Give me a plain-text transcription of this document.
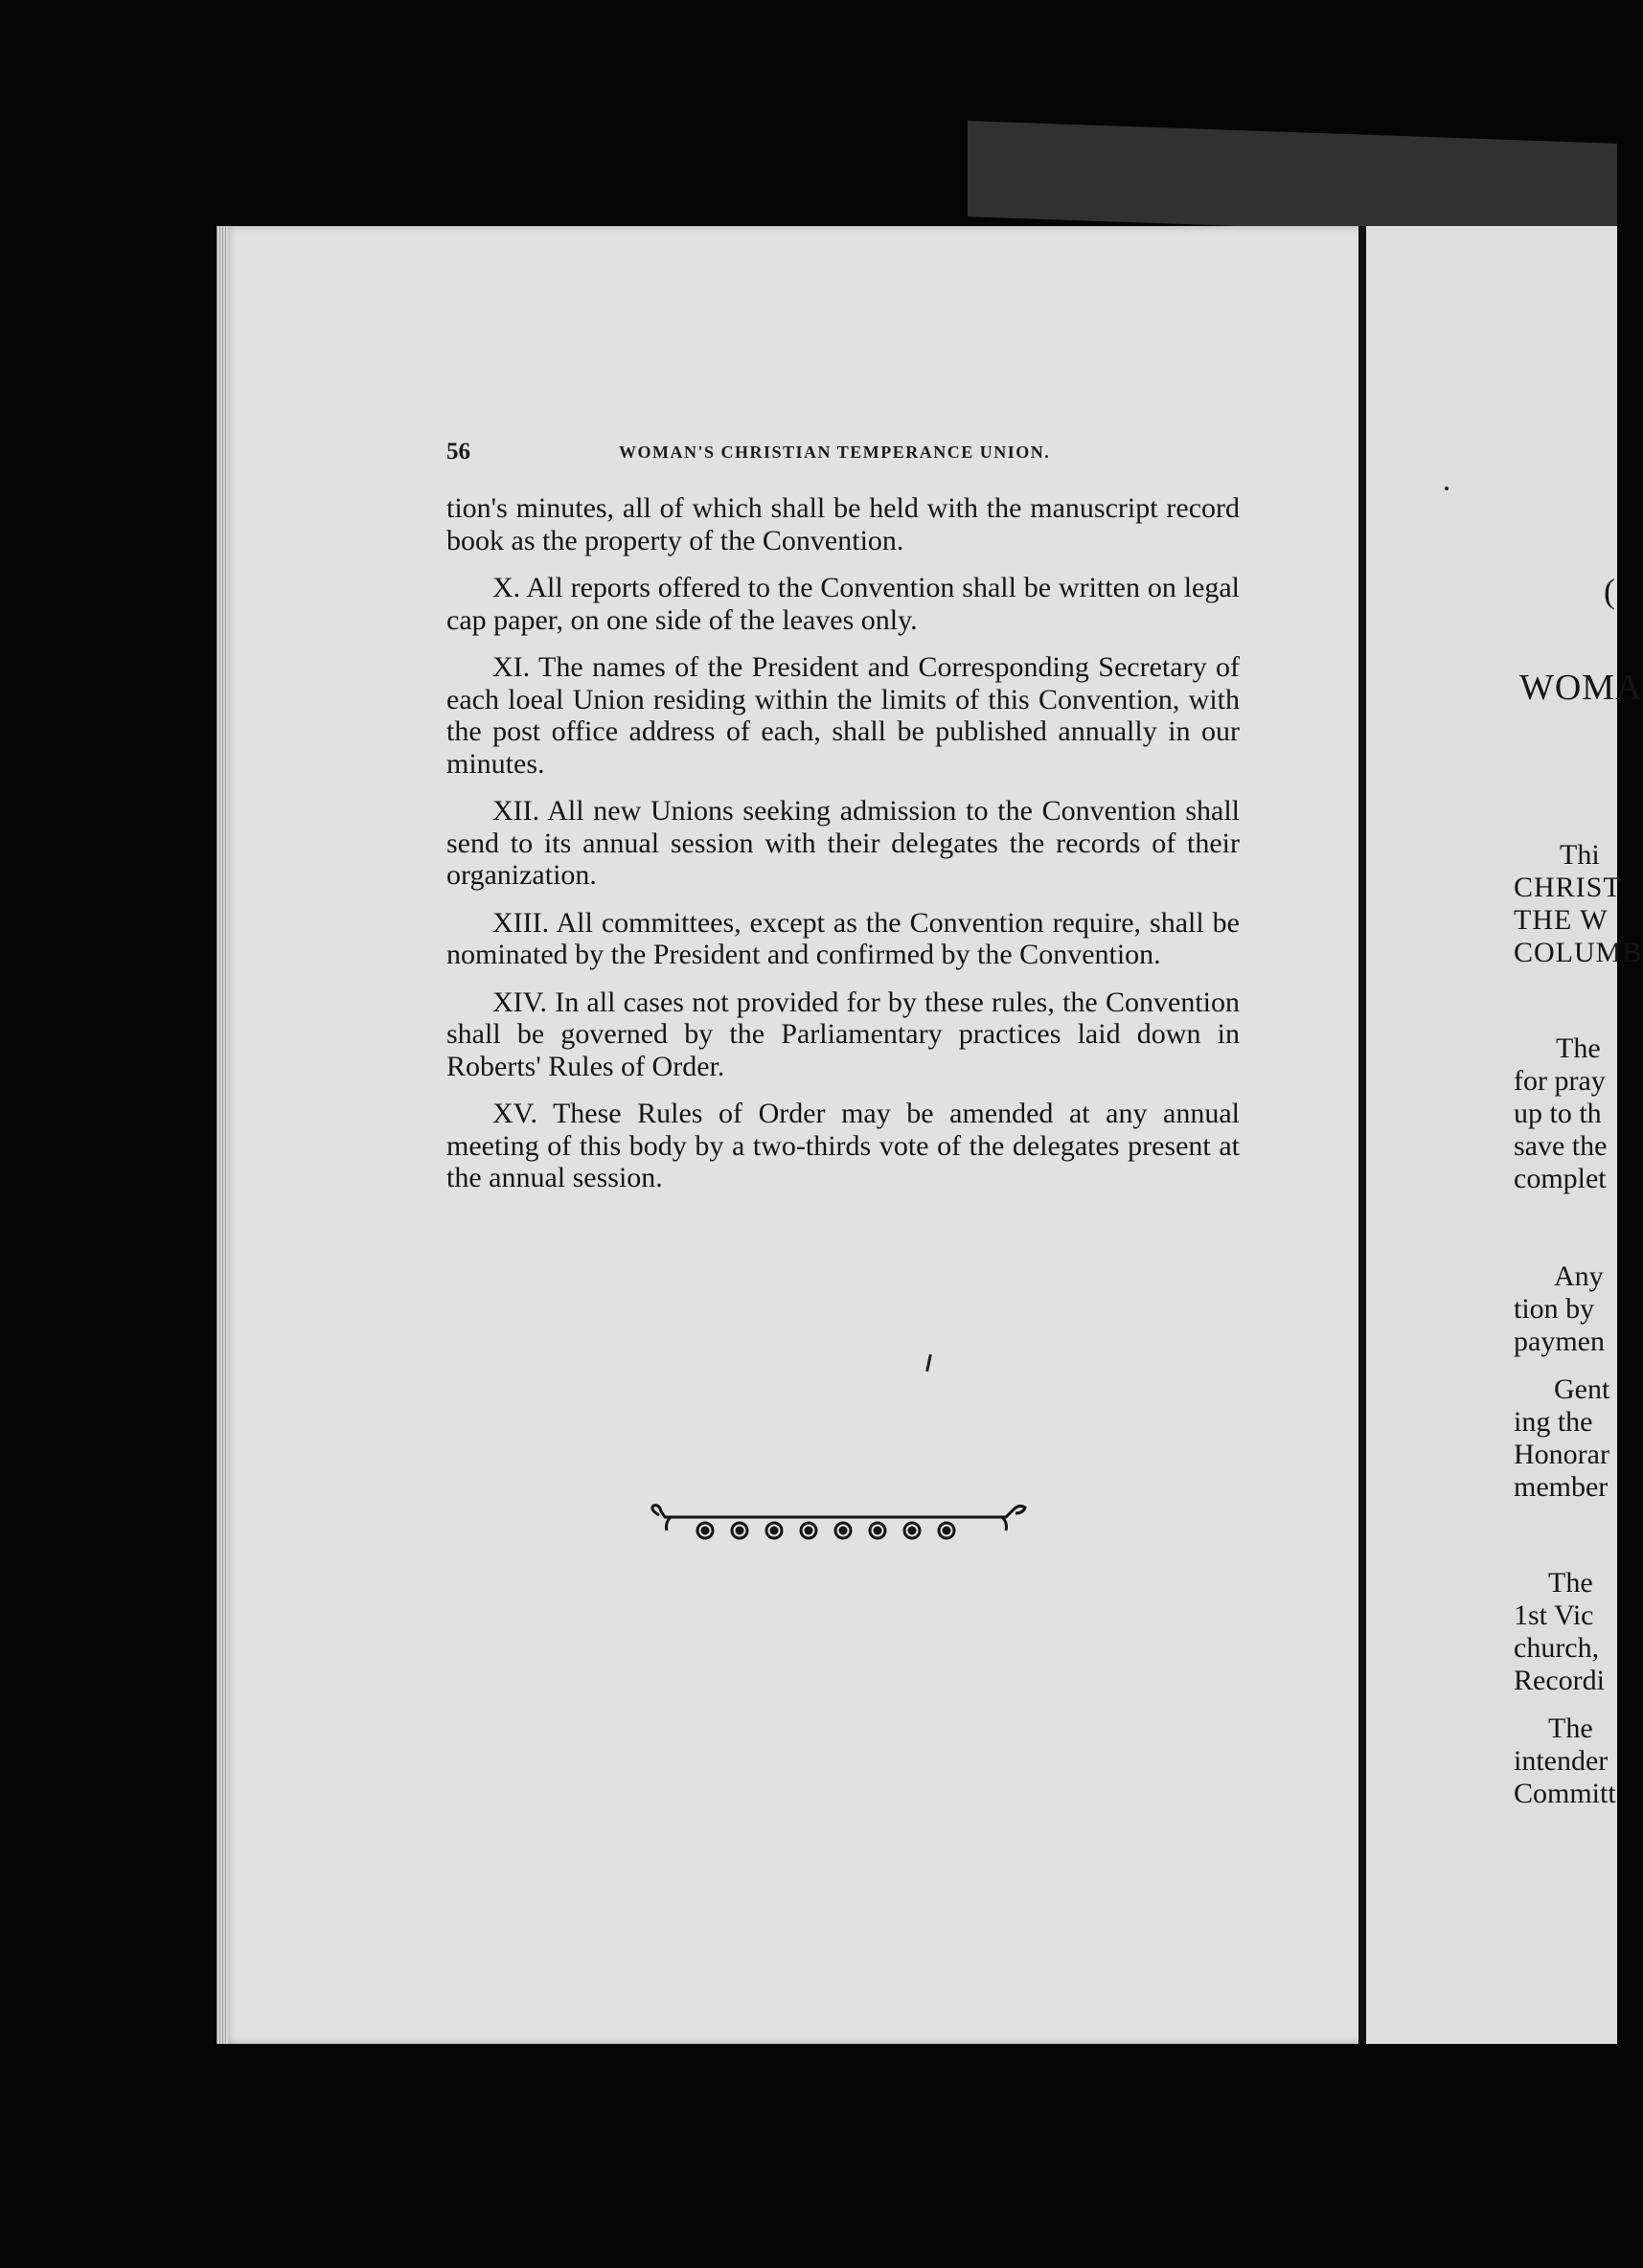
56	WOMAN'S CHRISTIAN TEMPERANCE UNION.

tion's minutes, all of which shall be held with the manuscript record book as the property of the Convention.

X. All reports offered to the Convention shall be written on legal cap paper, on one side of the leaves only.

XI. The names of the President and Corresponding Secretary of each loeal Union residing within the limits of this Convention, with the post office address of each, shall be published annually in our minutes.

XII. All new Unions seeking admission to the Convention shall send to its annual session with their delegates the records of their organization.

XIII. All committees, except as the Convention require, shall be nominated by the President and confirmed by the Convention.

XIV. In all cases not provided for by these rules, the Convention shall be governed by the Parliamentary practices laid down in Roberts' Rules of Order.

XV. These Rules of Order may be amended at any annual meeting of this body by a two-thirds vote of the delegates present at the annual session.

(
WOMA
Thi
CHRIST
THE W
COLUMB
The
for pray
up to th
save the
complet
Any
tion by
paymen
Gent
ing the
Honorar
member
The
1st Vic
church,
Recordi
The
intender
Committ
